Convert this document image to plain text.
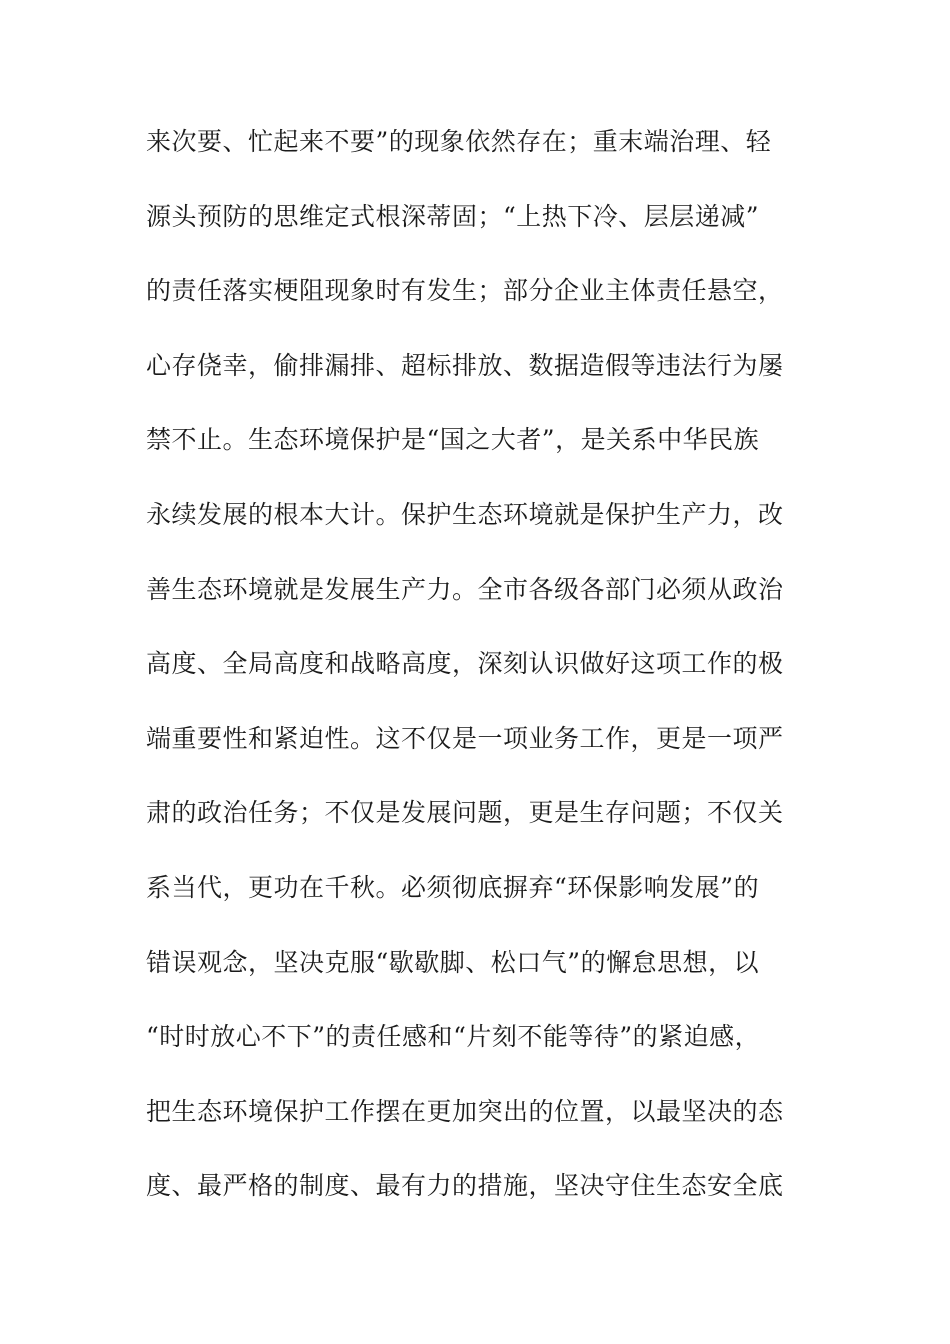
来次要、忙起来不要”的现象依然存在；重末端治理、轻
源头预防的思维定式根深蒂固；“上热下冷、层层递减”
的责任落实梗阻现象时有发生；部分企业主体责任悬空，
心存侥幸，偷排漏排、超标排放、数据造假等违法行为屡
禁不止。生态环境保护是“国之大者”，是关系中华民族
永续发展的根本大计。保护生态环境就是保护生产力，改
善生态环境就是发展生产力。全市各级各部门必须从政治
高度、全局高度和战略高度，深刻认识做好这项工作的极
端重要性和紧迫性。这不仅是一项业务工作，更是一项严
肃的政治任务；不仅是发展问题，更是生存问题；不仅关
系当代，更功在千秋。必须彻底摒弃“环保影响发展”的
错误观念，坚决克服“歇歇脚、松口气”的懈怠思想，以
“时时放心不下”的责任感和“片刻不能等待”的紧迫感，
把生态环境保护工作摆在更加突出的位置，以最坚决的态
度、最严格的制度、最有力的措施，坚决守住生态安全底
